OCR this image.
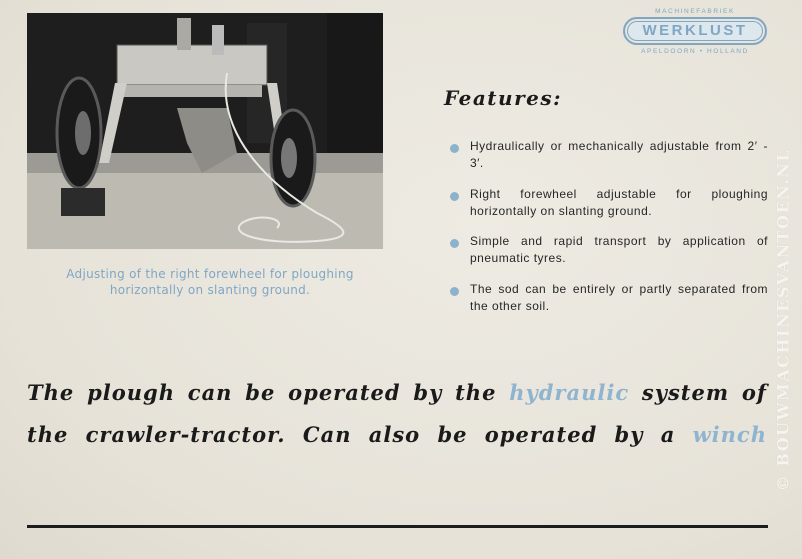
Adjusting of the right forewheel for ploughing horizontally on slanting ground.
MACHINEFABRIEK
WERKLUST
APELDOORN • HOLLAND
Features:
Hydraulically or mechanically adjustable from 2′ - 3′.
Right forewheel adjustable for ploughing horizontally on slanting ground.
Simple and rapid transport by application of pneumatic tyres.
The sod can be entirely or partly separated from the other soil.
The plough can be operated by the hydraulic system of
the crawler-tractor. Can also be operated by a winch © BOUWMACHINESVANTOEN.NL
